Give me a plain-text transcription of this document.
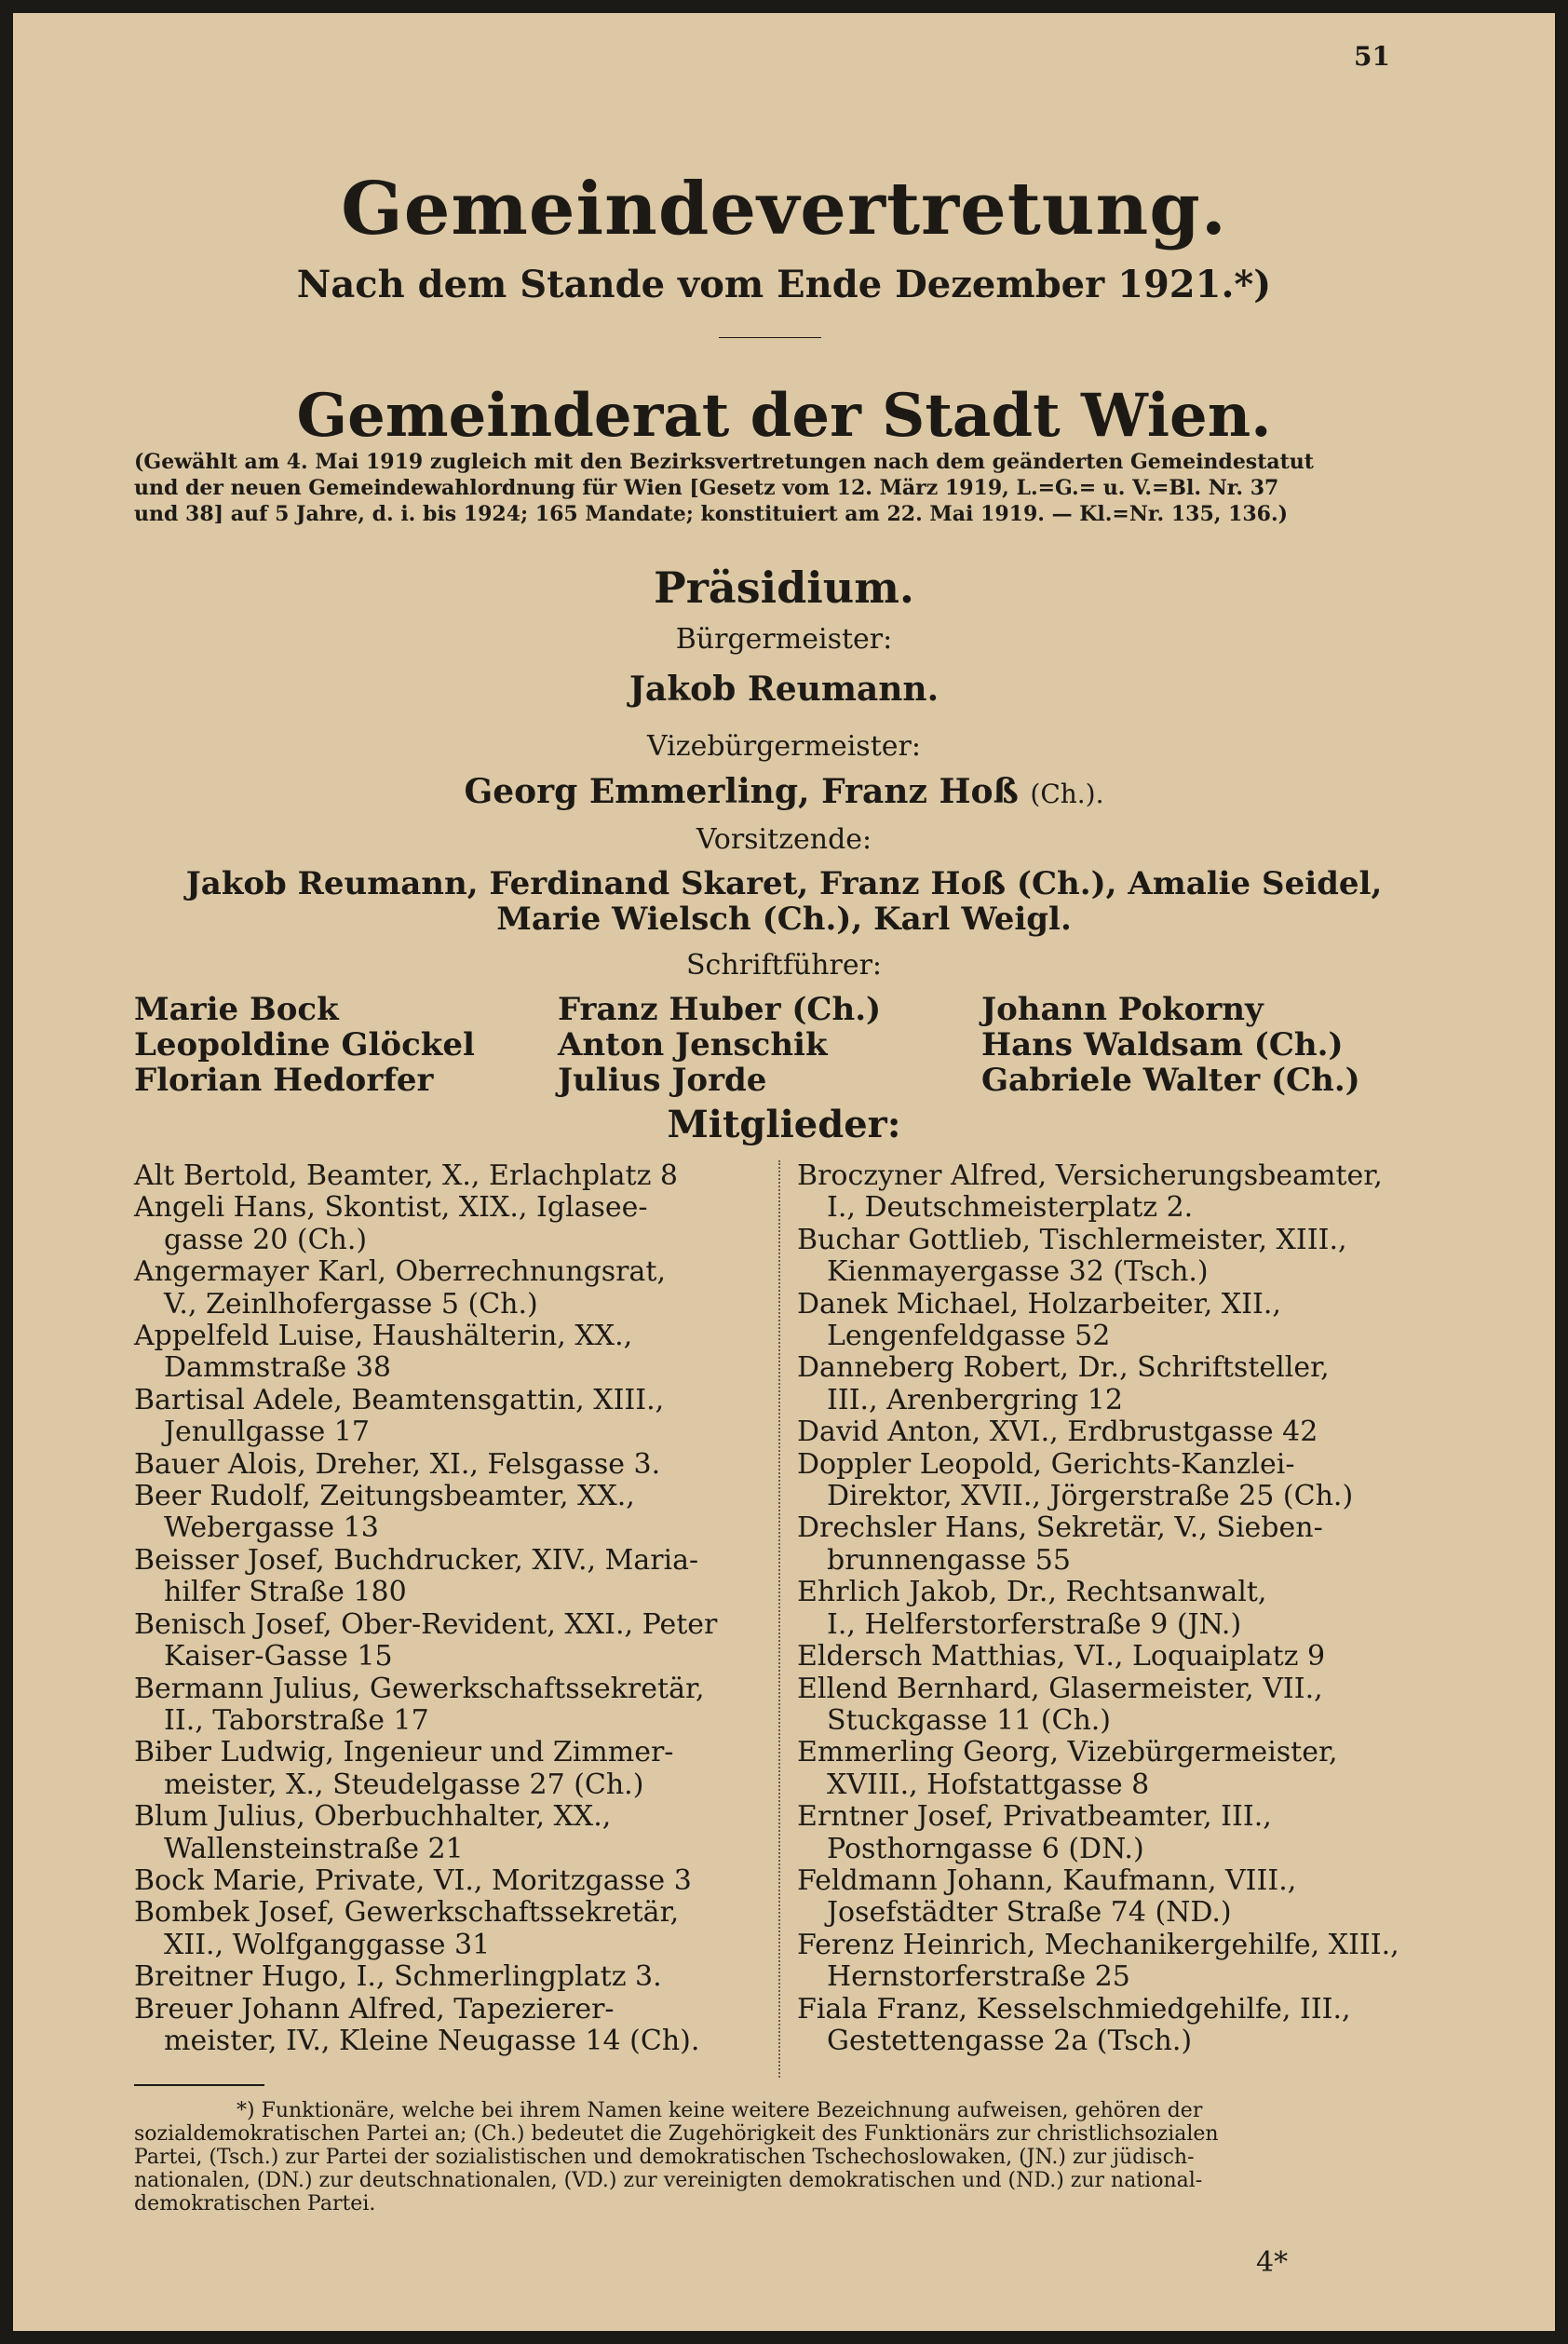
51
Gemeindevertretung.
Nach dem Stande vom Ende Dezember 1921.*)
Gemeinderat der Stadt Wien.
(Gewählt am 4. Mai 1919 zugleich mit den Bezirksvertretungen nach dem geänderten Gemeindestatut
und der neuen Gemeindewahlordnung für Wien [Gesetz vom 12. März 1919, L.=G.= u. V.=Bl. Nr. 37
und 38] auf 5 Jahre, d. i. bis 1924; 165 Mandate; konstituiert am 22. Mai 1919. — Kl.=Nr. 135, 136.)
Präsidium.
Bürgermeister:
Jakob Reumann.
Vizebürgermeister:
Georg Emmerling, Franz Hoß (Ch.).
Vorsitzende:
Jakob Reumann, Ferdinand Skaret, Franz Hoß (Ch.), Amalie Seidel,
Marie Wielsch (Ch.), Karl Weigl.
Schriftführer:
Marie Bock	Franz Huber (Ch.)	Johann Pokorny
Leopoldine Glöckel	Anton Jenschik	Hans Waldsam (Ch.)
Florian Hedorfer	Julius Jorde	Gabriele Walter (Ch.)
Mitglieder:
Alt Bertold, Beamter, X., Erlachplatz 8
Angeli Hans, Skontist, XIX., Iglasee-
gasse 20 (Ch.)
Angermayer Karl, Oberrechnungsrat,
V., Zeinlhofergasse 5 (Ch.)
Appelfeld Luise, Haushälterin, XX.,
Dammstraße 38
Bartisal Adele, Beamtensgattin, XIII.,
Jenullgasse 17
Bauer Alois, Dreher, XI., Felsgasse 3.
Beer Rudolf, Zeitungsbeamter, XX.,
Webergasse 13
Beisser Josef, Buchdrucker, XIV., Maria-
hilfer Straße 180
Benisch Josef, Ober-Revident, XXI., Peter
Kaiser-Gasse 15
Bermann Julius, Gewerkschaftssekretär,
II., Taborstraße 17
Biber Ludwig, Ingenieur und Zimmer-
meister, X., Steudelgasse 27 (Ch.)
Blum Julius, Oberbuchhalter, XX.,
Wallensteinstraße 21
Bock Marie, Private, VI., Moritzgasse 3
Bombek Josef, Gewerkschaftssekretär,
XII., Wolfganggasse 31
Breitner Hugo, I., Schmerlingplatz 3.
Breuer Johann Alfred, Tapezierer-
meister, IV., Kleine Neugasse 14 (Ch).
Broczyner Alfred, Versicherungsbeamter,
I., Deutschmeisterplatz 2.
Buchar Gottlieb, Tischlermeister, XIII.,
Kienmayergasse 32 (Tsch.)
Danek Michael, Holzarbeiter, XII.,
Lengenfeldgasse 52
Danneberg Robert, Dr., Schriftsteller,
III., Arenbergring 12
David Anton, XVI., Erdbrustgasse 42
Doppler Leopold, Gerichts-Kanzlei-
Direktor, XVII., Jörgerstraße 25 (Ch.)
Drechsler Hans, Sekretär, V., Sieben-
brunnengasse 55
Ehrlich Jakob, Dr., Rechtsanwalt,
I., Helferstorferstraße 9 (JN.)
Eldersch Matthias, VI., Loquaiplatz 9
Ellend Bernhard, Glasermeister, VII.,
Stuckgasse 11 (Ch.)
Emmerling Georg, Vizebürgermeister,
XVIII., Hofstattgasse 8
Erntner Josef, Privatbeamter, III.,
Posthorngasse 6 (DN.)
Feldmann Johann, Kaufmann, VIII.,
Josefstädter Straße 74 (ND.)
Ferenz Heinrich, Mechanikergehilfe, XIII.,
Hernstorferstraße 25
Fiala Franz, Kesselschmiedgehilfe, III.,
Gestettengasse 2a (Tsch.)
*) Funktionäre, welche bei ihrem Namen keine weitere Bezeichnung aufweisen, gehören der
sozialdemokratischen Partei an; (Ch.) bedeutet die Zugehörigkeit des Funktionärs zur christlichsozialen
Partei, (Tsch.) zur Partei der sozialistischen und demokratischen Tschechoslowaken, (JN.) zur jüdisch-
nationalen, (DN.) zur deutschnationalen, (VD.) zur vereinigten demokratischen und (ND.) zur national-
demokratischen Partei.
4*
